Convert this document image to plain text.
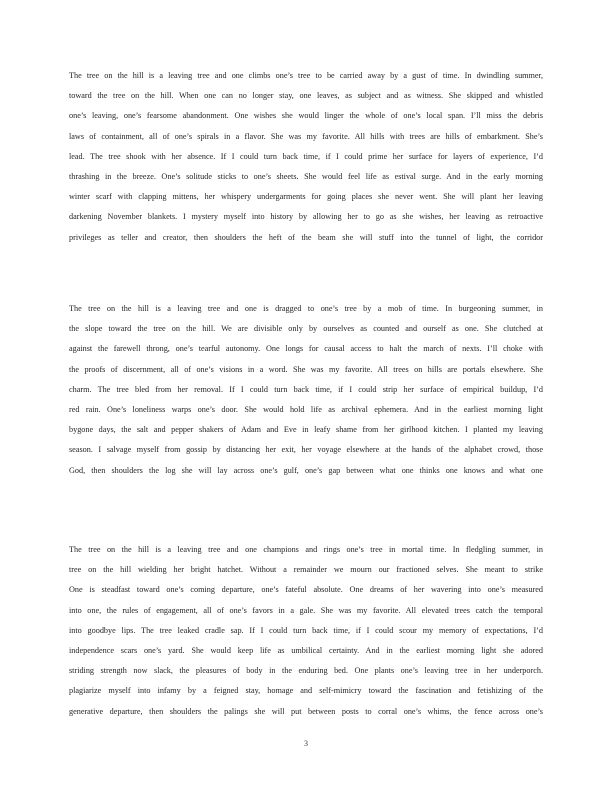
The tree on the hill is a leaving tree and one climbs one’s tree to be carried away by a gust of time. In dwindling summer,
toward the tree on the hill. When one can no longer stay, one leaves, as subject and as witness. She skipped and whistled
one’s leaving, one’s fearsome abandonment. One wishes she would linger the whole of one’s local span. I’ll miss the debris
laws of containment, all of one’s spirals in a flavor. She was my favorite. All hills with trees are hills of embarkment. She’s
lead. The tree shook with her absence. If I could turn back time, if I could prime her surface for layers of experience, I’d
thrashing in the breeze. One’s solitude sticks to one’s sheets. She would feel life as estival surge. And in the early morning
winter scarf with clapping mittens, her whispery undergarments for going places she never went. She will plant her leaving
darkening November blankets. I mystery myself into history by allowing her to go as she wishes, her leaving as retroactive
privileges as teller and creator, then shoulders the heft of the beam she will stuff into the tunnel of light, the corridor
The tree on the hill is a leaving tree and one is dragged to one’s tree by a mob of time. In burgeoning summer, in
the slope toward the tree on the hill. We are divisible only by ourselves as counted and ourself as one. She clutched at
against the farewell throng, one’s tearful autonomy. One longs for causal access to halt the march of nexts. I’ll choke with
the proofs of discernment, all of one’s visions in a word. She was my favorite. All trees on hills are portals elsewhere. She
charm. The tree bled from her removal. If I could turn back time, if I could strip her surface of empirical buildup, I’d
red rain. One’s loneliness warps one’s door. She would hold life as archival ephemera. And in the earliest morning light
bygone days, the salt and pepper shakers of Adam and Eve in leafy shame from her girlhood kitchen. I planted my leaving
season. I salvage myself from gossip by distancing her exit, her voyage elsewhere at the hands of the alphabet crowd, those
God, then shoulders the log she will lay across one’s gulf, one’s gap between what one thinks one knows and what one
The tree on the hill is a leaving tree and one champions and rings one’s tree in mortal time. In fledgling summer, in
tree on the hill wielding her bright hatchet. Without a remainder we mourn our fractioned selves. She meant to strike
One is steadfast toward one’s coming departure, one’s fateful absolute. One dreams of her wavering into one’s measured
into one, the rules of engagement, all of one’s favors in a gale. She was my favorite. All elevated trees catch the temporal
into goodbye lips. The tree leaked cradle sap. If I could turn back time, if I could scour my memory of expectations, I’d
independence scars one’s yard. She would keep life as umbilical certainty. And in the earliest morning light she adored
striding strength now slack, the pleasures of body in the enduring bed. One plants one’s leaving tree in her underporch.
plagiarize myself into infamy by a feigned stay, homage and self-mimicry toward the fascination and fetishizing of the
generative departure, then shoulders the palings she will put between posts to corral one’s whims, the fence across one’s
3
